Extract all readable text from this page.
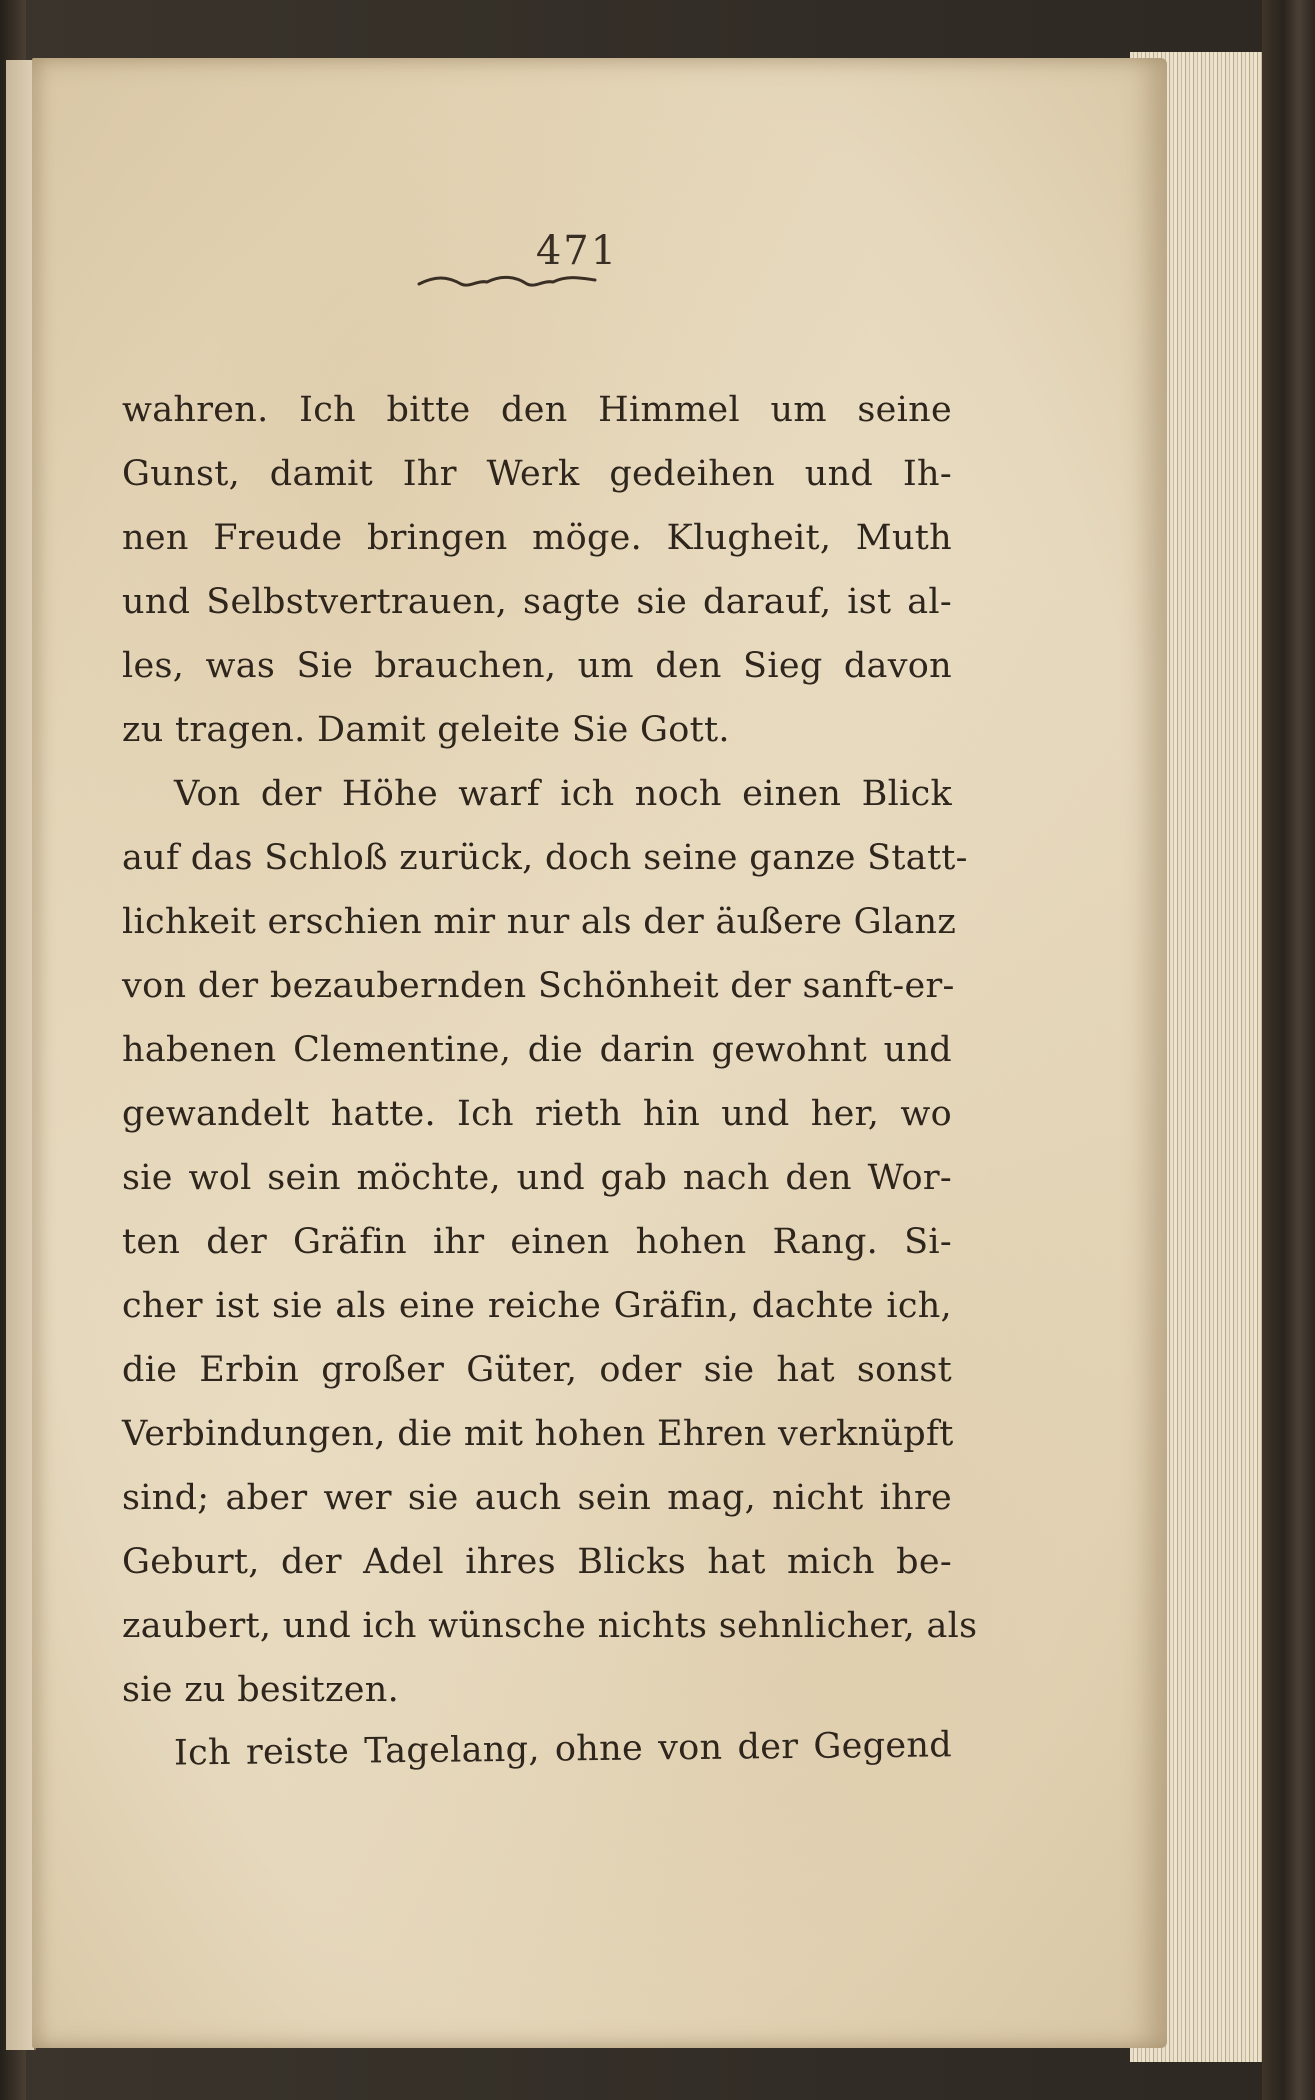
471
wahren. Ich bitte den Himmel um seine
Gunst, damit Ihr Werk gedeihen und Ih-
nen Freude bringen möge. Klugheit, Muth
und Selbstvertrauen, sagte sie darauf, ist al-
les, was Sie brauchen, um den Sieg davon
zu tragen. Damit geleite Sie Gott.
Von der Höhe warf ich noch einen Blick
auf das Schloß zurück, doch seine ganze Statt-
lichkeit erschien mir nur als der äußere Glanz
von der bezaubernden Schönheit der sanft-er-
habenen Clementine, die darin gewohnt und
gewandelt hatte. Ich rieth hin und her, wo
sie wol sein möchte, und gab nach den Wor-
ten der Gräfin ihr einen hohen Rang. Si-
cher ist sie als eine reiche Gräfin, dachte ich,
die Erbin großer Güter, oder sie hat sonst
Verbindungen, die mit hohen Ehren verknüpft
sind; aber wer sie auch sein mag, nicht ihre
Geburt, der Adel ihres Blicks hat mich be-
zaubert, und ich wünsche nichts sehnlicher, als
sie zu besitzen.
Ich reiste Tagelang, ohne von der Gegend
